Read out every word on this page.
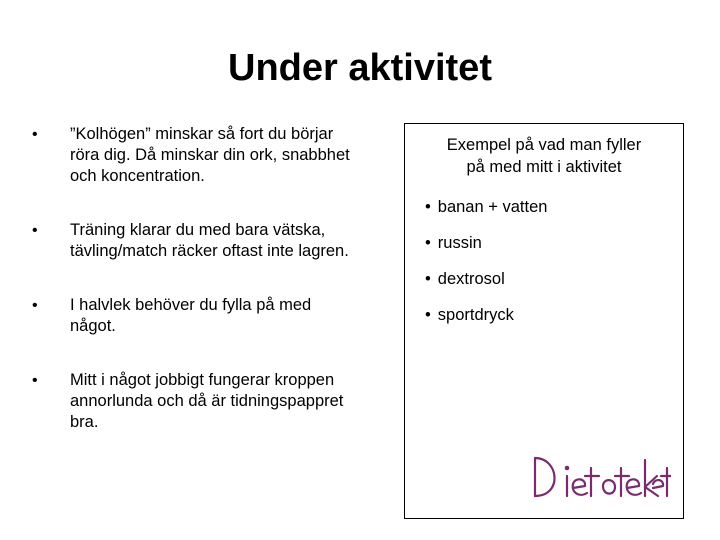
Under aktivitet
• ”Kolhögen” minskar så fort du börjar
röra dig. Då minskar din ork, snabbhet
och koncentration.
• Träning klarar du med bara vätska,
tävling/match räcker oftast inte lagren.
• I halvlek behöver du fylla på med
något.
• Mitt i något jobbigt fungerar kroppen
annorlunda och då är tidningspappret
bra.
Exempel på vad man fyller
på med mitt i aktivitet
• banan + vatten
• russin
• dextrosol
• sportdryck
